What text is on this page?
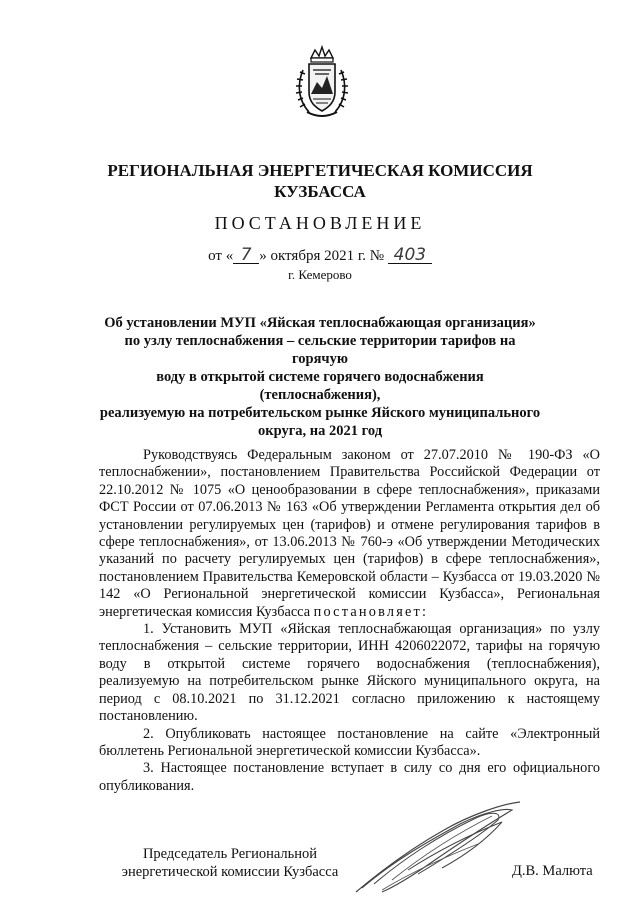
РЕГИОНАЛЬНАЯ ЭНЕРГЕТИЧЕСКАЯ КОМИССИЯ
КУЗБАССА
ПОСТАНОВЛЕНИЕ
от « 7 » октября 2021 г. № 403
г. Кемерово
Об установлении МУП «Яйская теплоснабжающая организация»
по узлу теплоснабжения – сельские территории тарифов на горячую
воду в открытой системе горячего водоснабжения (теплоснабжения),
реализуемую на потребительском рынке Яйского муниципального
округа, на 2021 год

Руководствуясь Федеральным законом от 27.07.2010 № 190-ФЗ «О теплоснабжении», постановлением Правительства Российской Федерации от 22.10.2012 № 1075 «О ценообразовании в сфере теплоснабжения», приказами ФСТ России от 07.06.2013 № 163 «Об утверждении Регламента открытия дел об установлении регулируемых цен (тарифов) и отмене регулирования тарифов в сфере теплоснабжения», от 13.06.2013 № 760-э «Об утверждении Методических указаний по расчету регулируемых цен (тарифов) в сфере теплоснабжения», постановлением Правительства Кемеровской области – Кузбасса от 19.03.2020 № 142 «О Региональной энергетической комиссии Кузбасса», Региональная энергетическая комиссия Кузбасса постановляет:

1. Установить МУП «Яйская теплоснабжающая организация» по узлу теплоснабжения – сельские территории, ИНН 4206022072, тарифы на горячую воду в открытой системе горячего водоснабжения (теплоснабжения), реализуемую на потребительском рынке Яйского муниципального округа, на период с 08.10.2021 по 31.12.2021 согласно приложению к настоящему постановлению.

2. Опубликовать настоящее постановление на сайте «Электронный бюллетень Региональной энергетической комиссии Кузбасса».

3. Настоящее постановление вступает в силу со дня его официального опубликования.

Председатель Региональной
энергетической комиссии Кузбасса	Д.В. Малюта
